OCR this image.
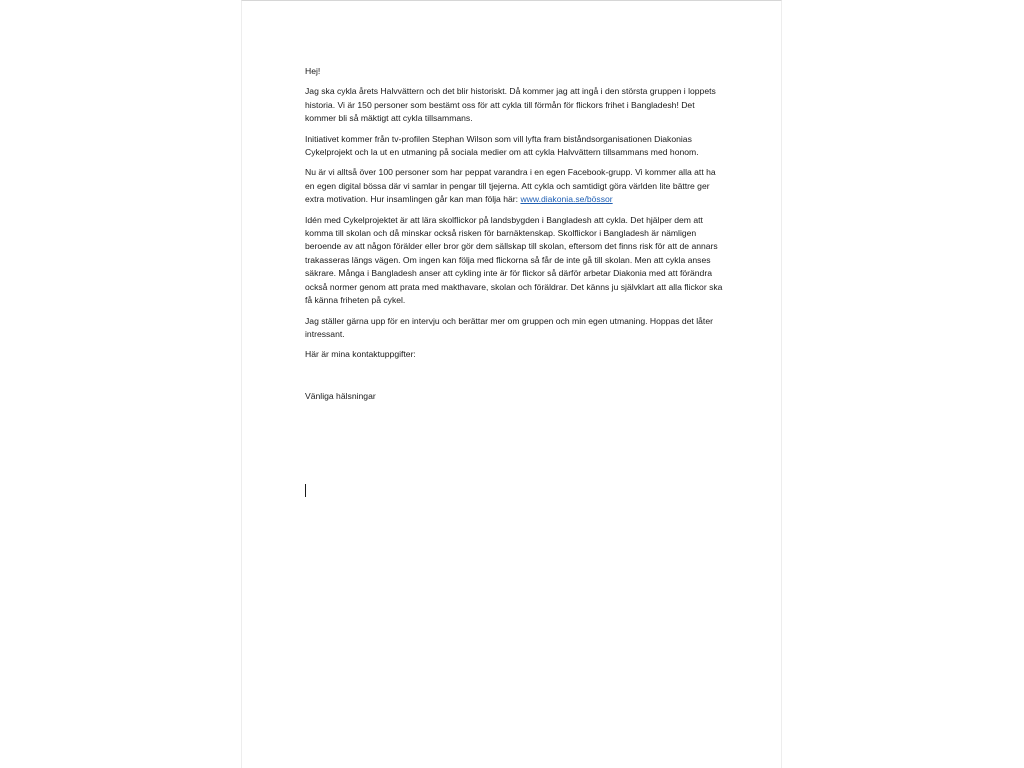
Hej!

Jag ska cykla årets Halvvättern och det blir historiskt. Då kommer jag att ingå i den största gruppen i loppets historia. Vi är 150 personer som bestämt oss för att cykla till förmån för flickors frihet i Bangladesh! Det kommer bli så mäktigt att cykla tillsammans.

Initiativet kommer från tv-profilen Stephan Wilson som vill lyfta fram biståndsorganisationen Diakonias Cykelprojekt och la ut en utmaning på sociala medier om att cykla Halvvättern tillsammans med honom.

Nu är vi alltså över 100 personer som har peppat varandra i en egen Facebook-grupp. Vi kommer alla att ha en egen digital bössa där vi samlar in pengar till tjejerna. Att cykla och samtidigt göra världen lite bättre ger extra motivation. Hur insamlingen går kan man följa här: www.diakonia.se/bössor

Idén med Cykelprojektet är att lära skolflickor på landsbygden i Bangladesh att cykla. Det hjälper dem att komma till skolan och då minskar också risken för barnäktenskap. Skolflickor i Bangladesh är nämligen beroende av att någon förälder eller bror gör dem sällskap till skolan, eftersom det finns risk för att de annars trakasseras längs vägen. Om ingen kan följa med flickorna så får de inte gå till skolan. Men att cykla anses säkrare. Många i Bangladesh anser att cykling inte är för flickor så därför arbetar Diakonia med att förändra också normer genom att prata med makthavare, skolan och föräldrar. Det känns ju självklart att alla flickor ska få känna friheten på cykel.

Jag ställer gärna upp för en intervju och berättar mer om gruppen och min egen utmaning. Hoppas det låter intressant.

Här är mina kontaktuppgifter:

Vänliga hälsningar
